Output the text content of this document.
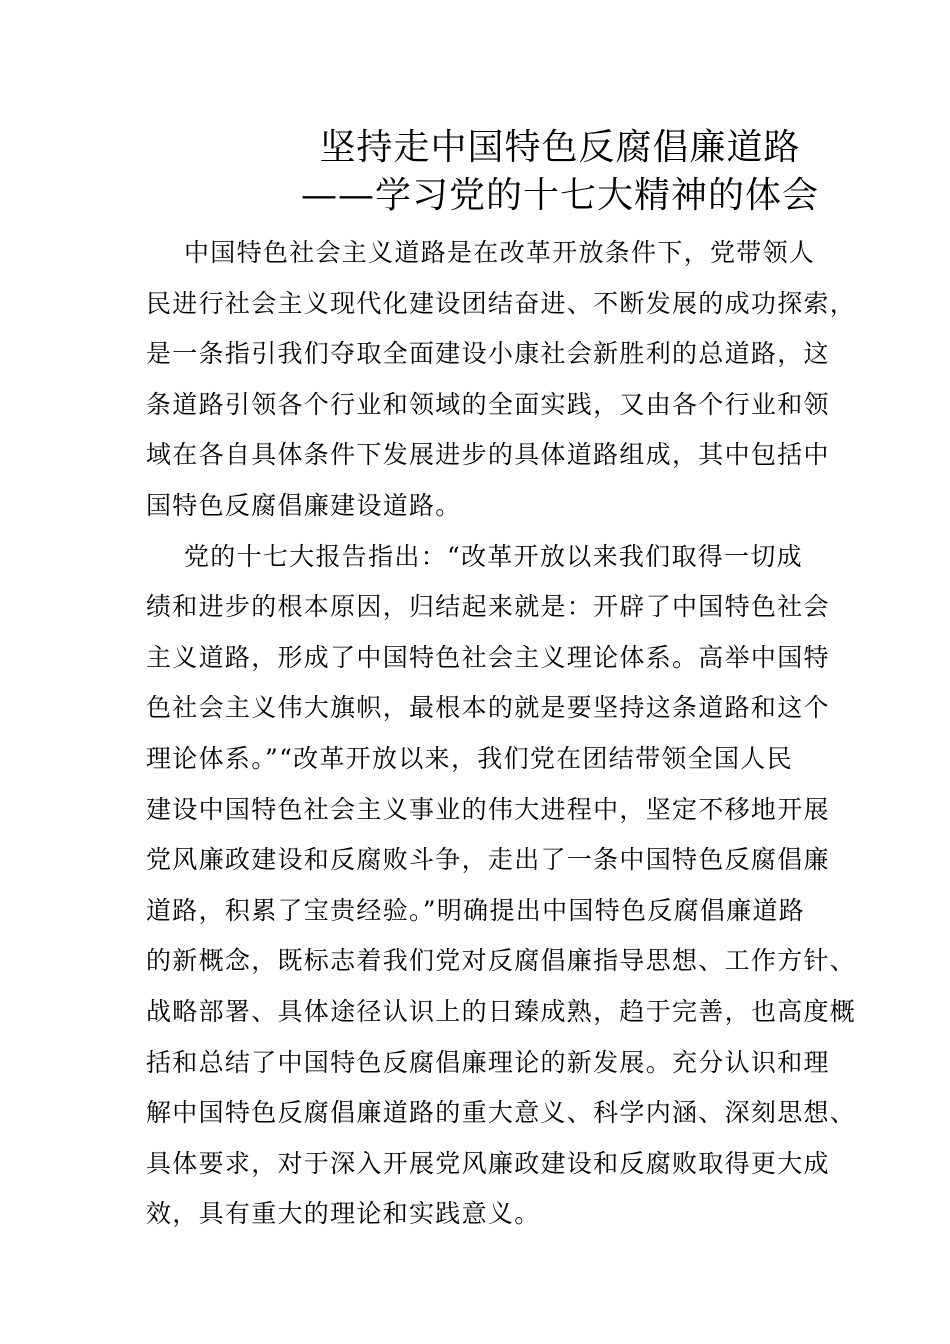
坚持走中国特色反腐倡廉道路
——学习党的十七大精神的体会
中国特色社会主义道路是在改革开放条件下，党带领人
民进行社会主义现代化建设团结奋进、不断发展的成功探索，
是一条指引我们夺取全面建设小康社会新胜利的总道路，这
条道路引领各个行业和领域的全面实践，又由各个行业和领
域在各自具体条件下发展进步的具体道路组成，其中包括中
国特色反腐倡廉建设道路。
党的十七大报告指出：“改革开放以来我们取得一切成
绩和进步的根本原因，归结起来就是：开辟了中国特色社会
主义道路，形成了中国特色社会主义理论体系。高举中国特
色社会主义伟大旗帜，最根本的就是要坚持这条道路和这个
理论体系。”“改革开放以来，我们党在团结带领全国人民
建设中国特色社会主义事业的伟大进程中，坚定不移地开展
党风廉政建设和反腐败斗争，走出了一条中国特色反腐倡廉
道路，积累了宝贵经验。”明确提出中国特色反腐倡廉道路
的新概念，既标志着我们党对反腐倡廉指导思想、工作方针、
战略部署、具体途径认识上的日臻成熟，趋于完善，也高度概
括和总结了中国特色反腐倡廉理论的新发展。充分认识和理
解中国特色反腐倡廉道路的重大意义、科学内涵、深刻思想、
具体要求，对于深入开展党风廉政建设和反腐败取得更大成
效，具有重大的理论和实践意义。
